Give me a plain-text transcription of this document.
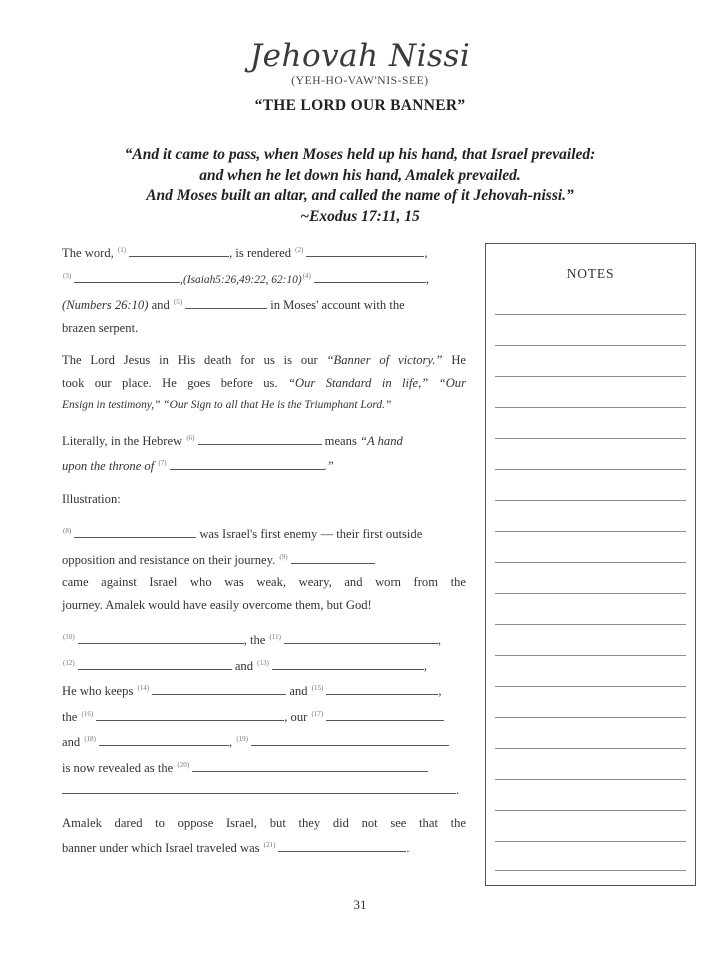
Jehovah Nissi
(YEH-HO-VAW'NIS-SEE)
“THE LORD OUR BANNER”
“And it came to pass, when Moses held up his hand, that Israel prevailed:
and when he let down his hand, Amalek prevailed.
And Moses built an altar, and called the name of it Jehovah-nissi.”
~Exodus 17:11, 15
The word, $^{(1)}$	, is rendered $^{(2)}$	,
$^{(3)}$	,(Isaiah5:26,49:22, 62:10)$^{(4)}$	,
(Numbers 26:10) and $^{(5)}$	in Moses' account with the
brazen serpent.
The Lord Jesus in His death for us is our “Banner of victory.” He
took our place. He goes before us. “Our Standard in life,” “Our
Ensign in testimony,” “Our Sign to all that He is the Triumphant Lord.”
Literally, in the Hebrew $^{(6)}$	means “A hand
upon the throne of $^{(7)}$	.”
Illustration:
$^{(8)}$	was Israel's first enemy — their first outside
opposition and resistance on their journey. $^{(9)}$
came against Israel who was weak, weary, and worn from the
journey. Amalek would have easily overcome them, but God!
$^{(10)}$	, the $^{(11)}$	,
$^{(12)}$	and $^{(13)}$	,
He who keeps $^{(14)}$	and $^{(15)}$	,
the $^{(16)}$	, our $^{(17)}$
and $^{(18)}$	, $^{(19)}$
is now revealed as the $^{(20)}$
.
Amalek dared to oppose Israel, but they did not see that the
banner under which Israel traveled was $^{(21)}$	.
NOTES
31
